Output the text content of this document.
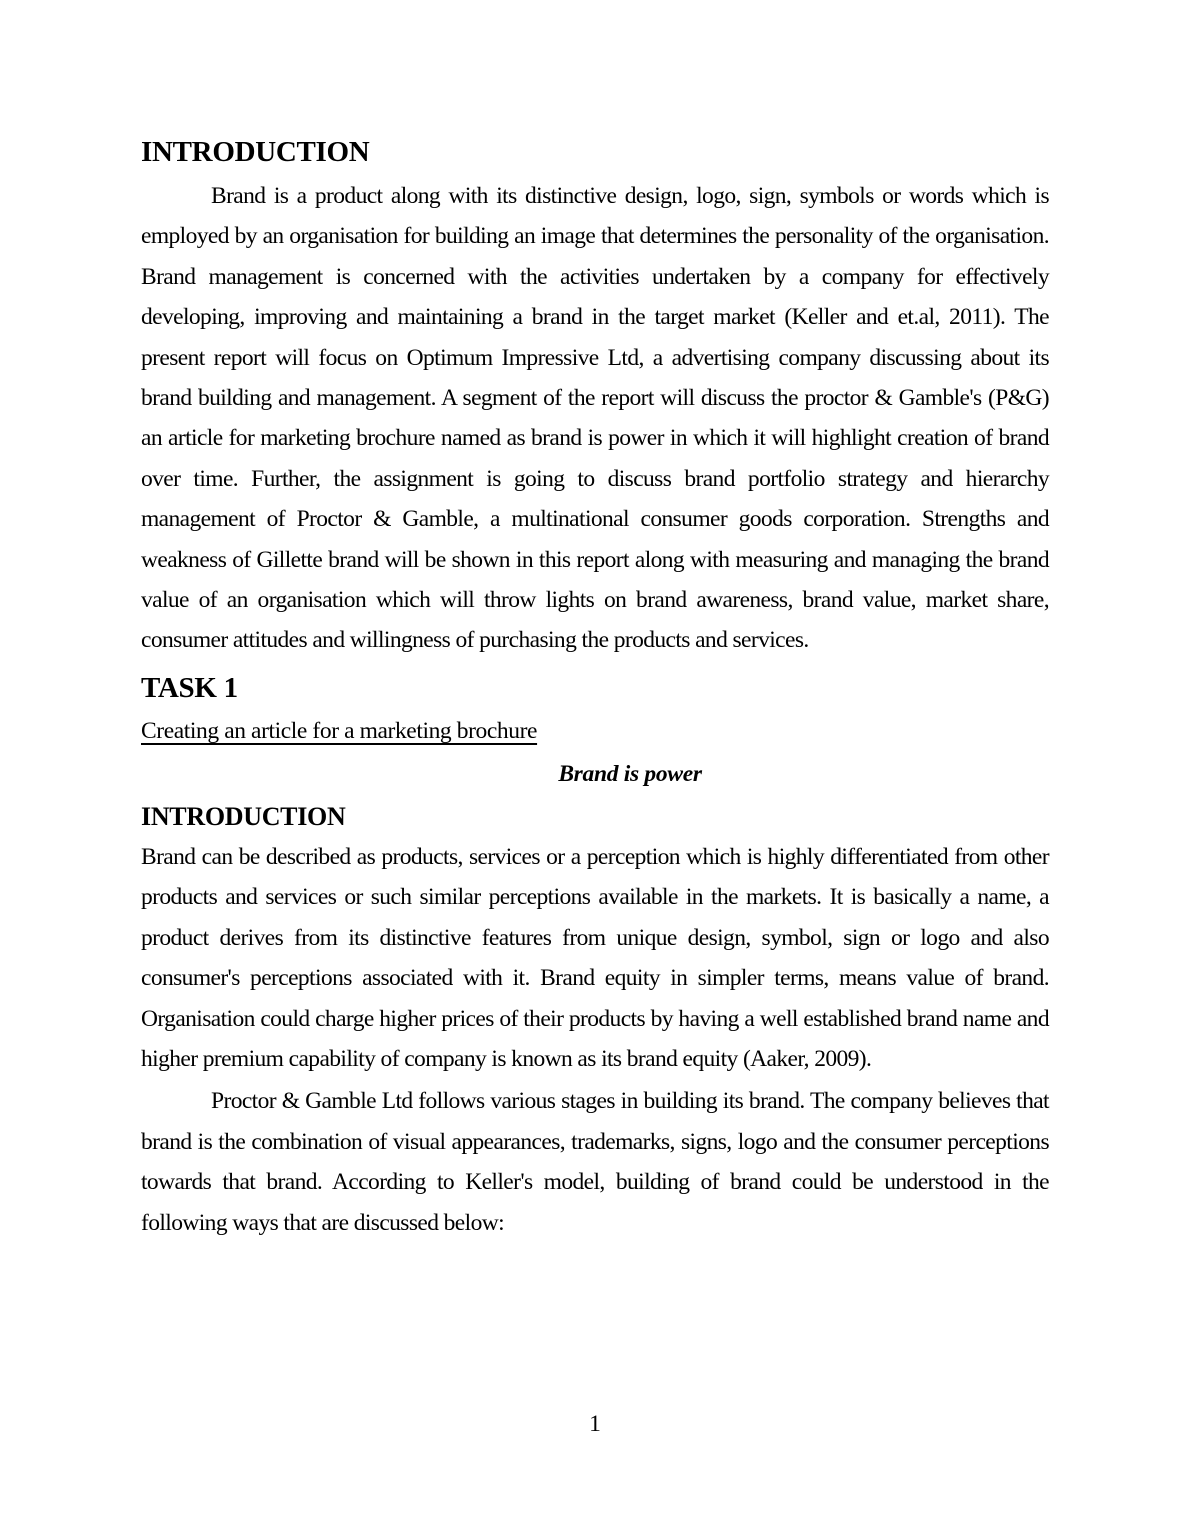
INTRODUCTION

Brand is a product along with its distinctive design, logo, sign, symbols or words which is employed by an organisation for building an image that determines the personality of the organisation. Brand management is concerned with the activities undertaken by a company for effectively developing, improving and maintaining a brand in the target market (Keller and et.al, 2011). The present report will focus on Optimum Impressive Ltd, a advertising company discussing about its brand building and management. A segment of the report will discuss the proctor & Gamble's (P&G) an article for marketing brochure named as brand is power in which it will highlight creation of brand over time. Further, the assignment is going to discuss brand portfolio strategy and hierarchy management of Proctor & Gamble, a multinational consumer goods corporation. Strengths and weakness of Gillette brand will be shown in this report along with measuring and managing the brand value of an organisation which will throw lights on brand awareness, brand value, market share, consumer attitudes and willingness of purchasing the products and services.

TASK 1
Creating an article for a marketing brochure
Brand is power
INTRODUCTION

Brand can be described as products, services or a perception which is highly differentiated from other products and services or such similar perceptions available in the markets. It is basically a name, a product derives from its distinctive features from unique design, symbol, sign or logo and also consumer's perceptions associated with it. Brand equity in simpler terms, means value of brand. Organisation could charge higher prices of their products by having a well established brand name and higher premium capability of company is known as its brand equity (Aaker, 2009).

Proctor & Gamble Ltd follows various stages in building its brand. The company believes that brand is the combination of visual appearances, trademarks, signs, logo and the consumer perceptions towards that brand. According to Keller's model, building of brand could be understood in the following ways that are discussed below:

1
